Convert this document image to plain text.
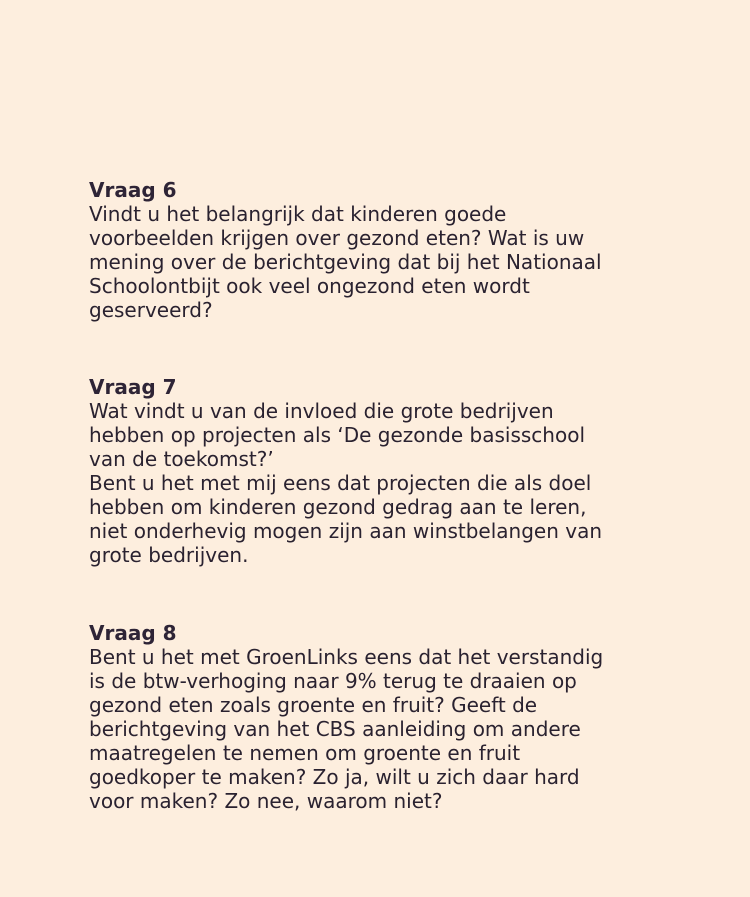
Vraag 6

Vindt u het belangrijk dat kinderen goede

voorbeelden krijgen over gezond eten? Wat is uw

mening over de berichtgeving dat bij het Nationaal

Schoolontbijt ook veel ongezond eten wordt

geserveerd?

Vraag 7

Wat vindt u van de invloed die grote bedrijven

hebben op projecten als ‘De gezonde basisschool

van de toekomst?’

Bent u het met mij eens dat projecten die als doel

hebben om kinderen gezond gedrag aan te leren,

niet onderhevig mogen zijn aan winstbelangen van

grote bedrijven.

Vraag 8

Bent u het met GroenLinks eens dat het verstandig

is de btw-verhoging naar 9% terug te draaien op

gezond eten zoals groente en fruit? Geeft de

berichtgeving van het CBS aanleiding om andere

maatregelen te nemen om groente en fruit

goedkoper te maken? Zo ja, wilt u zich daar hard

voor maken? Zo nee, waarom niet?
